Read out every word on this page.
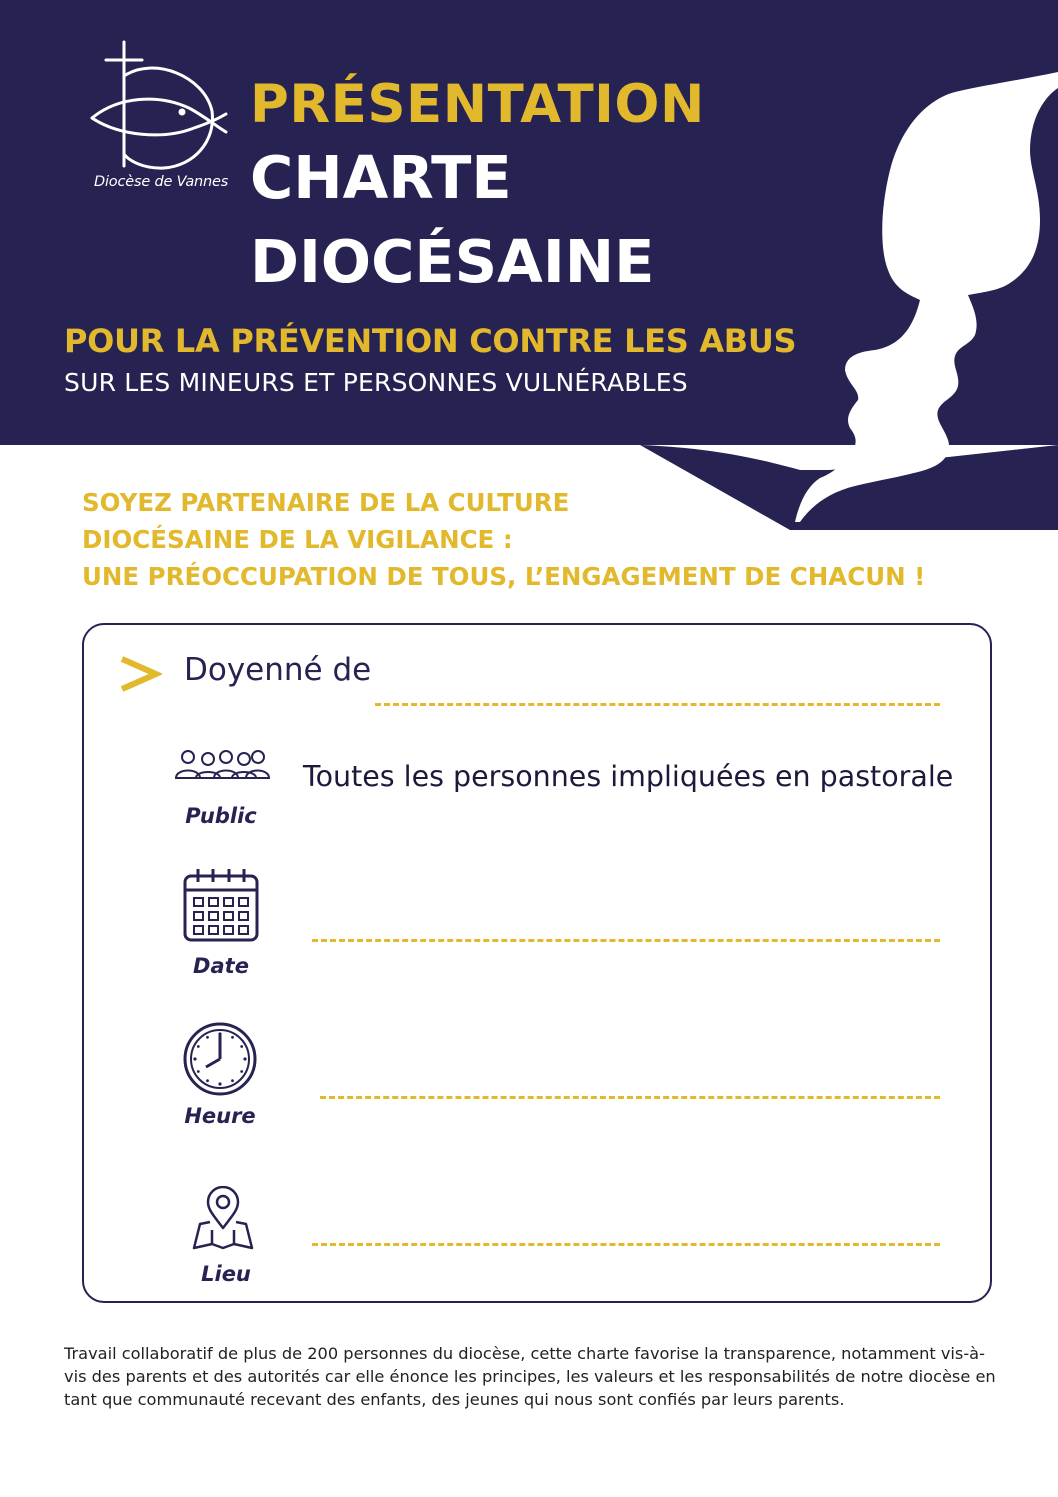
Diocèse de Vannes
PRÉSENTATION
CHARTE
DIOCÉSAINE
POUR LA PRÉVENTION CONTRE LES ABUS
SUR LES MINEURS ET PERSONNES VULNÉRABLES
SOYEZ PARTENAIRE DE LA CULTURE
DIOCÉSAINE DE LA VIGILANCE :
UNE PRÉOCCUPATION DE TOUS, L’ENGAGEMENT DE CHACUN !
Doyenné de
Public
Toutes les personnes impliquées en pastorale
Date
Heure
Lieu
Travail collaboratif de plus de 200 personnes du diocèse, cette charte favorise la transparence, notamment vis-à-vis des parents et des autorités car elle énonce les principes, les valeurs et les responsabilités de notre diocèse en tant que communauté recevant des enfants, des jeunes qui nous sont confiés par leurs parents.
